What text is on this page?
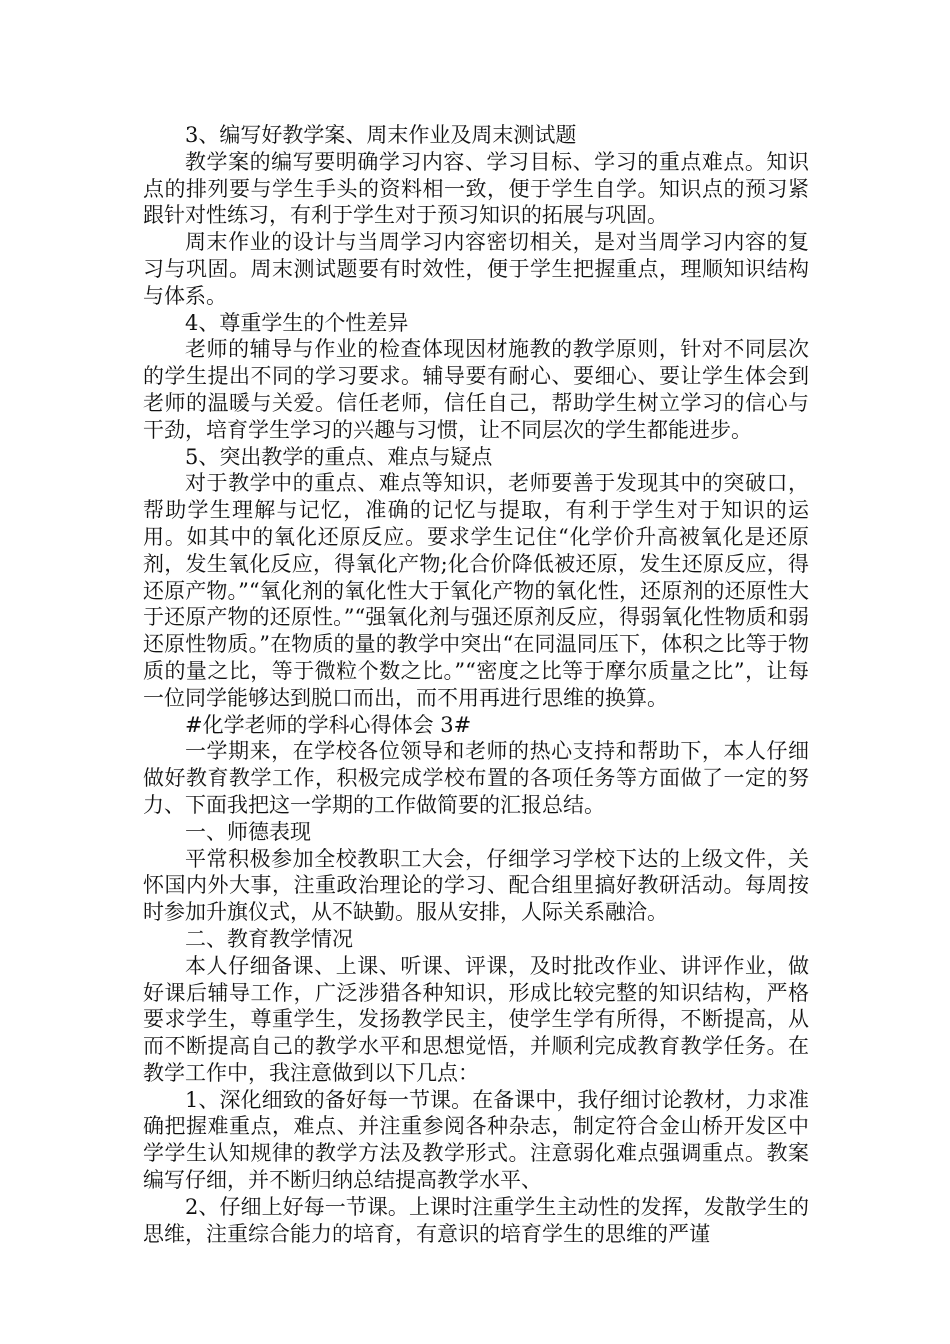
3、编写好教学案、周末作业及周末测试题

教学案的编写要明确学习内容、学习目标、学习的重点难点。知识点的排列要与学生手头的资料相一致，便于学生自学。知识点的预习紧跟针对性练习，有利于学生对于预习知识的拓展与巩固。

周末作业的设计与当周学习内容密切相关，是对当周学习内容的复习与巩固。周末测试题要有时效性，便于学生把握重点，理顺知识结构与体系。

4、尊重学生的个性差异

老师的辅导与作业的检查体现因材施教的教学原则，针对不同层次的学生提出不同的学习要求。辅导要有耐心、要细心、要让学生体会到老师的温暖与关爱。信任老师，信任自己，帮助学生树立学习的信心与干劲，培育学生学习的兴趣与习惯，让不同层次的学生都能进步。

5、突出教学的重点、难点与疑点

对于教学中的重点、难点等知识，老师要善于发现其中的突破口，帮助学生理解与记忆，准确的记忆与提取，有利于学生对于知识的运用。如其中的氧化还原反应。要求学生记住“化学价升高被氧化是还原剂，发生氧化反应，得氧化产物;化合价降低被还原，发生还原反应，得还原产物。”“氧化剂的氧化性大于氧化产物的氧化性，还原剂的还原性大于还原产物的还原性。”“强氧化剂与强还原剂反应，得弱氧化性物质和弱还原性物质。”在物质的量的教学中突出“在同温同压下，体积之比等于物质的量之比，等于微粒个数之比。”“密度之比等于摩尔质量之比”，让每一位同学能够达到脱口而出，而不用再进行思维的换算。

#化学老师的学科心得体会 3#

一学期来，在学校各位领导和老师的热心支持和帮助下，本人仔细做好教育教学工作，积极完成学校布置的各项任务等方面做了一定的努力、下面我把这一学期的工作做简要的汇报总结。

一、师德表现

平常积极参加全校教职工大会，仔细学习学校下达的上级文件，关怀国内外大事，注重政治理论的学习、配合组里搞好教研活动。每周按时参加升旗仪式，从不缺勤。服从安排，人际关系融洽。

二、教育教学情况

本人仔细备课、上课、听课、评课，及时批改作业、讲评作业，做好课后辅导工作，广泛涉猎各种知识，形成比较完整的知识结构，严格要求学生，尊重学生，发扬教学民主，使学生学有所得，不断提高，从而不断提高自己的教学水平和思想觉悟，并顺利完成教育教学任务。在教学工作中，我注意做到以下几点：

1、深化细致的备好每一节课。在备课中，我仔细讨论教材，力求准确把握难重点，难点、并注重参阅各种杂志，制定符合金山桥开发区中学学生认知规律的教学方法及教学形式。注意弱化难点强调重点。教案编写仔细，并不断归纳总结提高教学水平、

2、仔细上好每一节课。上课时注重学生主动性的发挥，发散学生的思维，注重综合能力的培育，有意识的培育学生的思维的严谨
